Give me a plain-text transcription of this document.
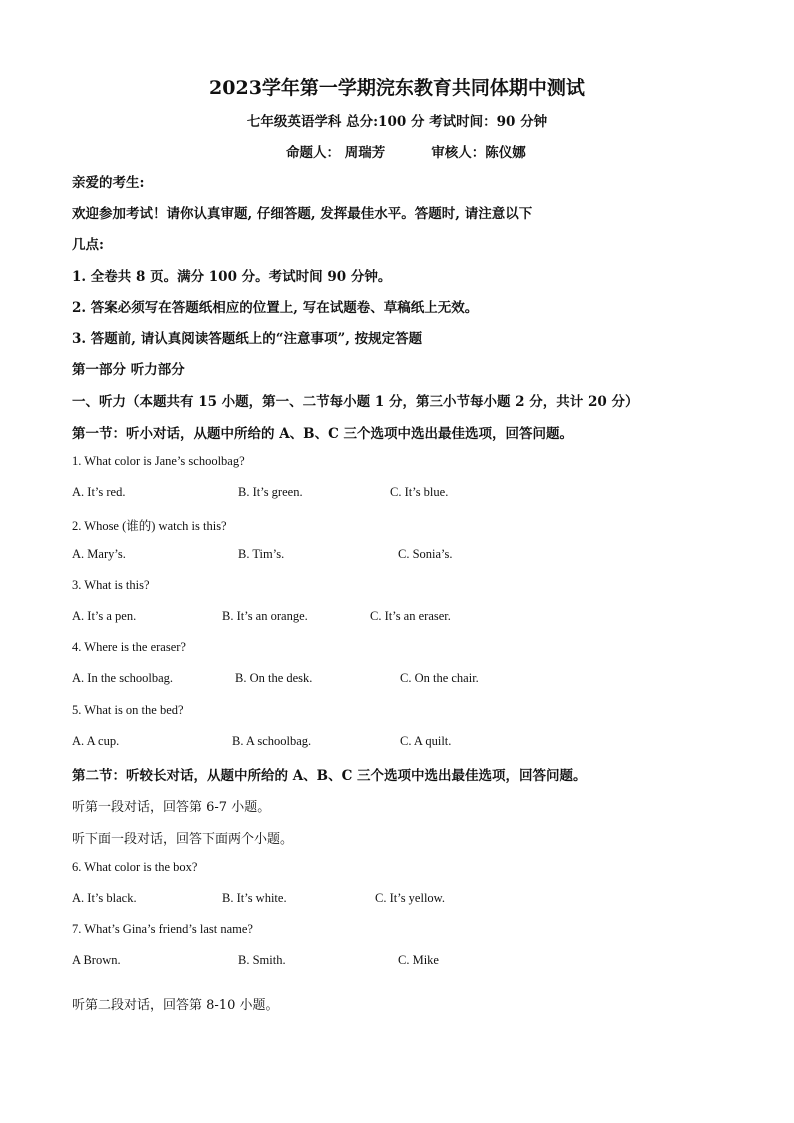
2023学年第一学期浣东教育共同体期中测试
七年级英语学科 总分:100 分 考试时间：90 分钟
命题人： 周瑞芳	审核人：陈仪娜
亲爱的考生:
欢迎参加考试！请你认真审题, 仔细答题, 发挥最佳水平。答题时, 请注意以下
几点:
1. 全卷共 8 页。满分 100 分。考试时间 90 分钟。
2. 答案必须写在答题纸相应的位置上, 写在试题卷、草稿纸上无效。
3. 答题前, 请认真阅读答题纸上的“注意事项”, 按规定答题
第一部分 听力部分
一、听力（本题共有 15 小题，第一、二节每小题 1 分，第三小节每小题 2 分，共计 20 分）
第一节：听小对话，从题中所给的 A、B、C 三个选项中选出最佳选项，回答问题。
1. What color is Jane’s schoolbag?
A. It’s red.	B. It’s green.	C. It’s blue.
2. Whose (谁的) watch is this?
A. Mary’s.	B. Tim’s.	C. Sonia’s.
3. What is this?
A. It’s a pen.	B. It’s an orange.	C. It’s an eraser.
4. Where is the eraser?
A. In the schoolbag.	B. On the desk.	C. On the chair.
5. What is on the bed?
A. A cup.	B. A schoolbag.	C. A quilt.
第二节：听较长对话，从题中所给的 A、B、C 三个选项中选出最佳选项，回答问题。
听第一段对话，回答第 6-7 小题。
听下面一段对话，回答下面两个小题。
6. What color is the box?
A. It’s black.	B. It’s white.	C. It’s yellow.
7. What’s Gina’s friend’s last name?
A Brown.	B. Smith.	C. Mike
听第二段对话，回答第 8-10 小题。
